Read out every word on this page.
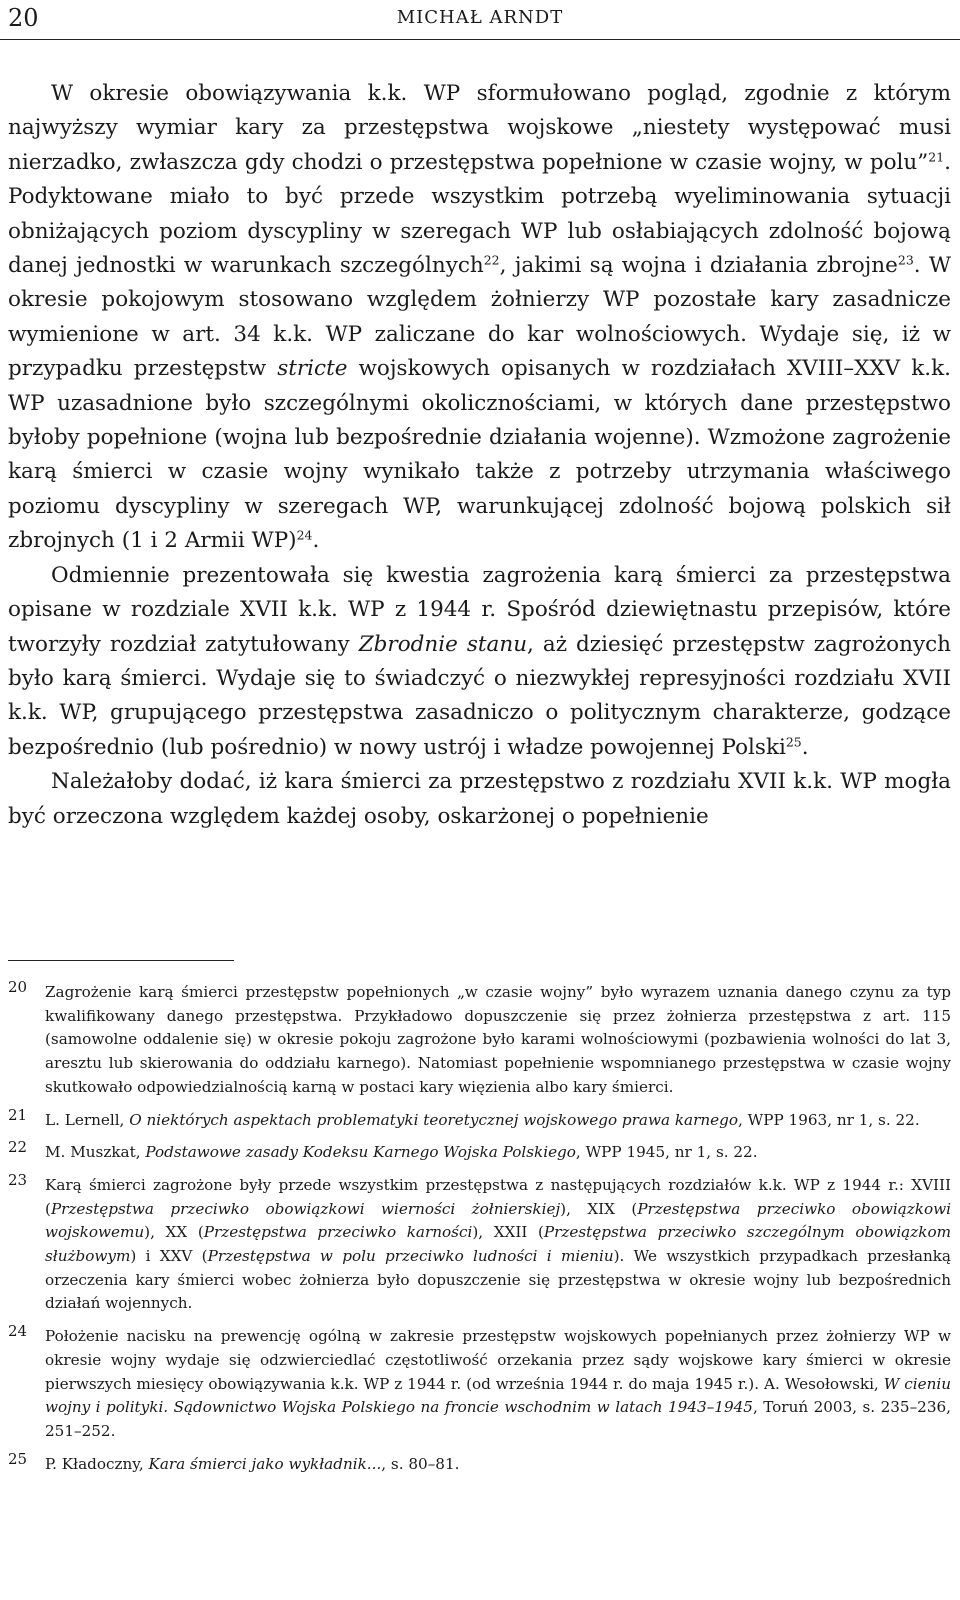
20	MICHAŁ ARNDT

W okresie obowiązywania k.k. WP sformułowano pogląd, zgodnie z którym najwyższy wymiar kary za przestępstwa wojskowe „niestety występować musi nierzadko, zwłaszcza gdy chodzi o przestępstwa popełnione w czasie wojny, w polu”$^{21}$. Podyktowane miało to być przede wszystkim potrzebą wyeliminowania sytuacji obniżających poziom dyscypliny w szeregach WP lub osłabiających zdolność bojową danej jednostki w warunkach szczególnych$^{22}$, jakimi są wojna i działania zbrojne$^{23}$. W okresie pokojowym stosowano względem żołnierzy WP pozostałe kary zasadnicze wymienione w art. 34 k.k. WP zaliczane do kar wolnościowych. Wydaje się, iż w przypadku przestępstw stricte wojskowych opisanych w rozdziałach XVIII–XXV k.k. WP uzasadnione było szczególnymi okolicznościami, w których dane przestępstwo byłoby popełnione (wojna lub bezpośrednie działania wojenne). Wzmożone zagrożenie karą śmierci w czasie wojny wynikało także z potrzeby utrzymania właściwego poziomu dyscypliny w szeregach WP, warunkującej zdolność bojową polskich sił zbrojnych (1 i 2 Armii WP)$^{24}$.

Odmiennie prezentowała się kwestia zagrożenia karą śmierci za przestępstwa opisane w rozdziale XVII k.k. WP z 1944 r. Spośród dziewiętnastu przepisów, które tworzyły rozdział zatytułowany Zbrodnie stanu, aż dziesięć przestępstw zagrożonych było karą śmierci. Wydaje się to świadczyć o niezwykłej represyjności rozdziału XVII k.k. WP, grupującego przestępstwa zasadniczo o politycznym charakterze, godzące bezpośrednio (lub pośrednio) w nowy ustrój i władze powojennej Polski$^{25}$.

Należałoby dodać, iż kara śmierci za przestępstwo z rozdziału XVII k.k. WP mogła być orzeczona względem każdej osoby, oskarżonej o popełnienie

20 Zagrożenie karą śmierci przestępstw popełnionych „w czasie wojny” było wyrazem uznania danego czynu za typ kwalifikowany danego przestępstwa. Przykładowo dopuszczenie się przez żołnierza przestępstwa z art. 115 (samowolne oddalenie się) w okresie pokoju zagrożone było karami wolnościowymi (pozbawienia wolności do lat 3, aresztu lub skierowania do oddziału karnego). Natomiast popełnienie wspomnianego przestępstwa w czasie wojny skutkowało odpowiedzialnością karną w postaci kary więzienia albo kary śmierci.
21 L. Lernell, O niektórych aspektach problematyki teoretycznej wojskowego prawa karnego, WPP 1963, nr 1, s. 22.
22 M. Muszkat, Podstawowe zasady Kodeksu Karnego Wojska Polskiego, WPP 1945, nr 1, s. 22.
23 Karą śmierci zagrożone były przede wszystkim przestępstwa z następujących rozdziałów k.k. WP z 1944 r.: XVIII (Przestępstwa przeciwko obowiązkowi wierności żołnierskiej), XIX (Przestępstwa przeciwko obowiązkowi wojskowemu), XX (Przestępstwa przeciwko karności), XXII (Przestępstwa przeciwko szczególnym obowiązkom służbowym) i XXV (Przestępstwa w polu przeciwko ludności i mieniu). We wszystkich przypadkach przesłanką orzeczenia kary śmierci wobec żołnierza było dopuszczenie się przestępstwa w okresie wojny lub bezpośrednich działań wojennych.
24 Położenie nacisku na prewencję ogólną w zakresie przestępstw wojskowych popełnianych przez żołnierzy WP w okresie wojny wydaje się odzwierciedlać częstotliwość orzekania przez sądy wojskowe kary śmierci w okresie pierwszych miesięcy obowiązywania k.k. WP z 1944 r. (od września 1944 r. do maja 1945 r.). A. Wesołowski, W cieniu wojny i polityki. Sądownictwo Wojska Polskiego na froncie wschodnim w latach 1943–1945, Toruń 2003, s. 235–236, 251–252.
25 P. Kładoczny, Kara śmierci jako wykładnik..., s. 80–81.
